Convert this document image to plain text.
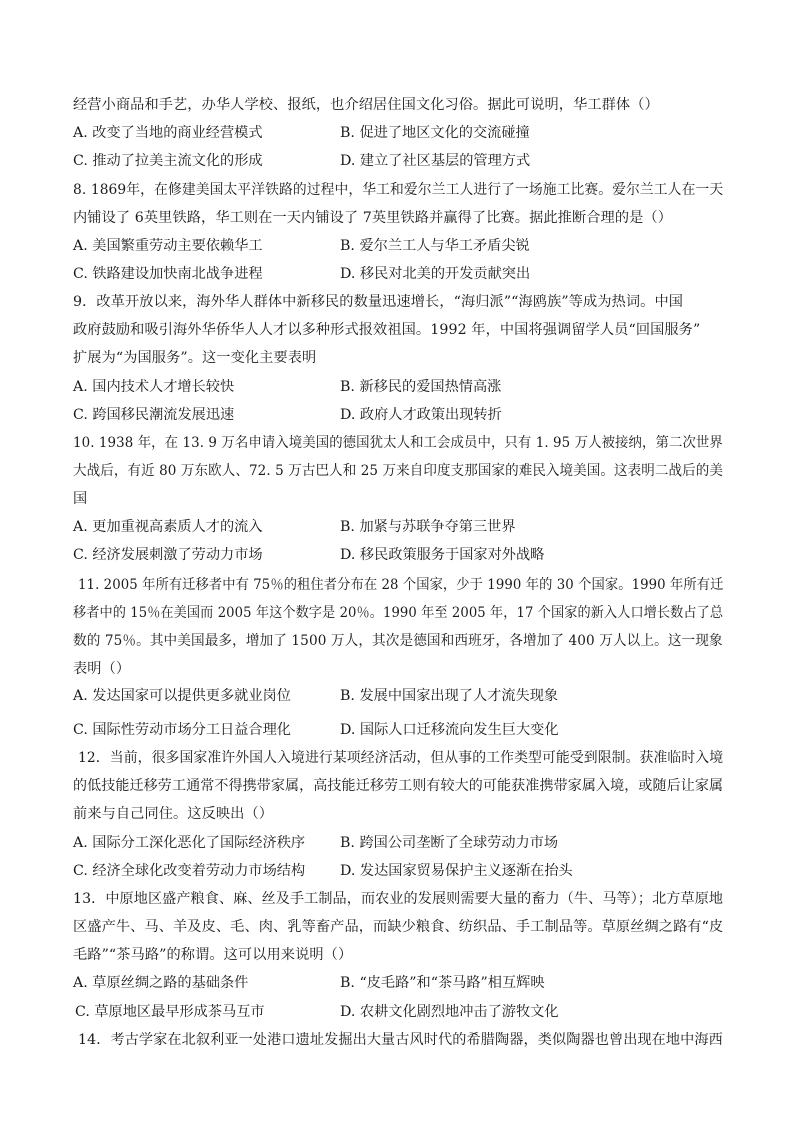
经营小商品和手艺，办华人学校、报纸，也介绍居住国文化习俗。据此可说明，华工群体（）
A. 改变了当地的商业经营模式	B. 促进了地区文化的交流碰撞
C. 推动了拉美主流文化的形成	D. 建立了社区基层的管理方式
8. 1869年，在修建美国太平洋铁路的过程中，华工和爱尔兰工人进行了一场施工比赛。爱尔兰工人在一天
内铺设了 6英里铁路，华工则在一天内铺设了 7英里铁路并赢得了比赛。据此推断合理的是（）
A. 美国繁重劳动主要依赖华工	B. 爱尔兰工人与华工矛盾尖锐
C. 铁路建设加快南北战争进程	D. 移民对北美的开发贡献突出
9．改革开放以来，海外华人群体中新移民的数量迅速增长，“海归派”“海鸥族”等成为热词。中国
政府鼓励和吸引海外华侨华人人才以多种形式报效祖国。1992 年，中国将强调留学人员“回国服务”
扩展为“为国服务”。这一变化主要表明
A. 国内技术人才增长较快	B. 新移民的爱国热情高涨
C. 跨国移民潮流发展迅速	D. 政府人才政策出现转折
10. 1938 年，在 13. 9 万名申请入境美国的德国犹太人和工会成员中，只有 1. 95 万人被接纳，第二次世界
大战后，有近 80 万东欧人、72. 5 万古巴人和 25 万来自印度支那国家的难民入境美国。这表明二战后的美
国
A. 更加重视高素质人才的流入	B. 加紧与苏联争夺第三世界
C. 经济发展刺激了劳动力市场	D. 移民政策服务于国家对外战略
11. 2005 年所有迁移者中有 75％的租住者分布在 28 个国家，少于 1990 年的 30 个国家。1990 年所有迁
移者中的 15％在美国而 2005 年这个数字是 20％。1990 年至 2005 年，17 个国家的新入人口增长数占了总
数的 75％。其中美国最多，增加了 1500 万人，其次是德国和西班牙，各增加了 400 万人以上。这一现象
表明（）
A. 发达国家可以提供更多就业岗位	B. 发展中国家出现了人才流失现象
C. 国际性劳动市场分工日益合理化	D. 国际人口迁移流向发生巨大变化
12．当前，很多国家准许外国人入境进行某项经济活动，但从事的工作类型可能受到限制。获准临时入境
的低技能迁移劳工通常不得携带家属，高技能迁移劳工则有较大的可能获准携带家属入境，或随后让家属
前来与自己同住。这反映出（）
A. 国际分工深化恶化了国际经济秩序 B. 跨国公司垄断了全球劳动力市场
C. 经济全球化改变着劳动力市场结构 D. 发达国家贸易保护主义逐渐在抬头
13．中原地区盛产粮食、麻、丝及手工制品，而农业的发展则需要大量的畜力（牛、马等）；北方草原地
区盛产牛、马、羊及皮、毛、肉、乳等畜产品，而缺少粮食、纺织品、手工制品等。草原丝绸之路有“皮
毛路”“茶马路”的称谓。这可以用来说明（）
A. 草原丝绸之路的基础条件	B. “皮毛路”和“茶马路”相互辉映
C. 草原地区最早形成茶马互市	D. 农耕文化剧烈地冲击了游牧文化
14．考古学家在北叙利亚一处港口遗址发掘出大量古风时代的希腊陶器，类似陶器也曾出现在地中海西
